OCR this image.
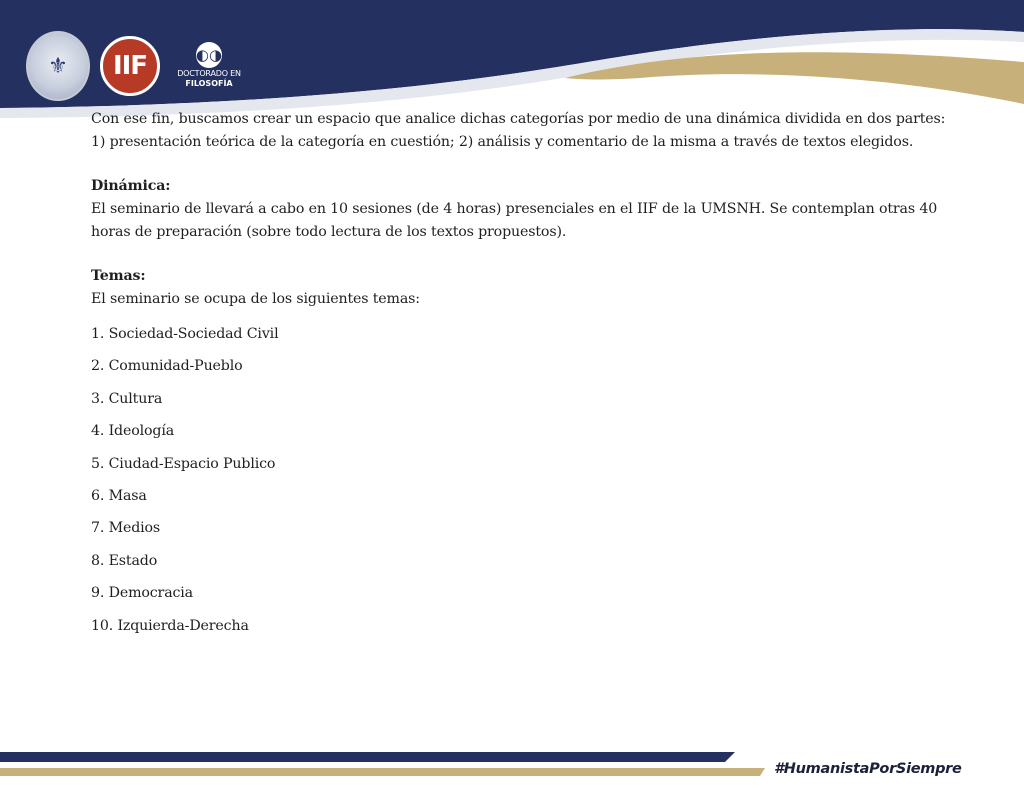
⚜ IIF	◐◑
DOCTORADO EN
FILOSOFÍA

Con ese fin, buscamos crear un espacio que analice dichas categorías por medio de una dinámica dividida en dos partes: 1) presentación teórica de la categoría en cuestión; 2) análisis y comentario de la misma a través de textos elegidos.

Dinámica:

El seminario de llevará a cabo en 10 sesiones (de 4 horas) presenciales en el IIF de la UMSNH. Se contemplan otras 40 horas de preparación (sobre todo lectura de los textos propuestos).

Temas:

El seminario se ocupa de los siguientes temas:

1. Sociedad-Sociedad Civil
2. Comunidad-Pueblo
3. Cultura
4. Ideología
5. Ciudad-Espacio Publico
6. Masa
7. Medios
8. Estado
9. Democracia
10. Izquierda-Derecha
#HumanistaPorSiempre
